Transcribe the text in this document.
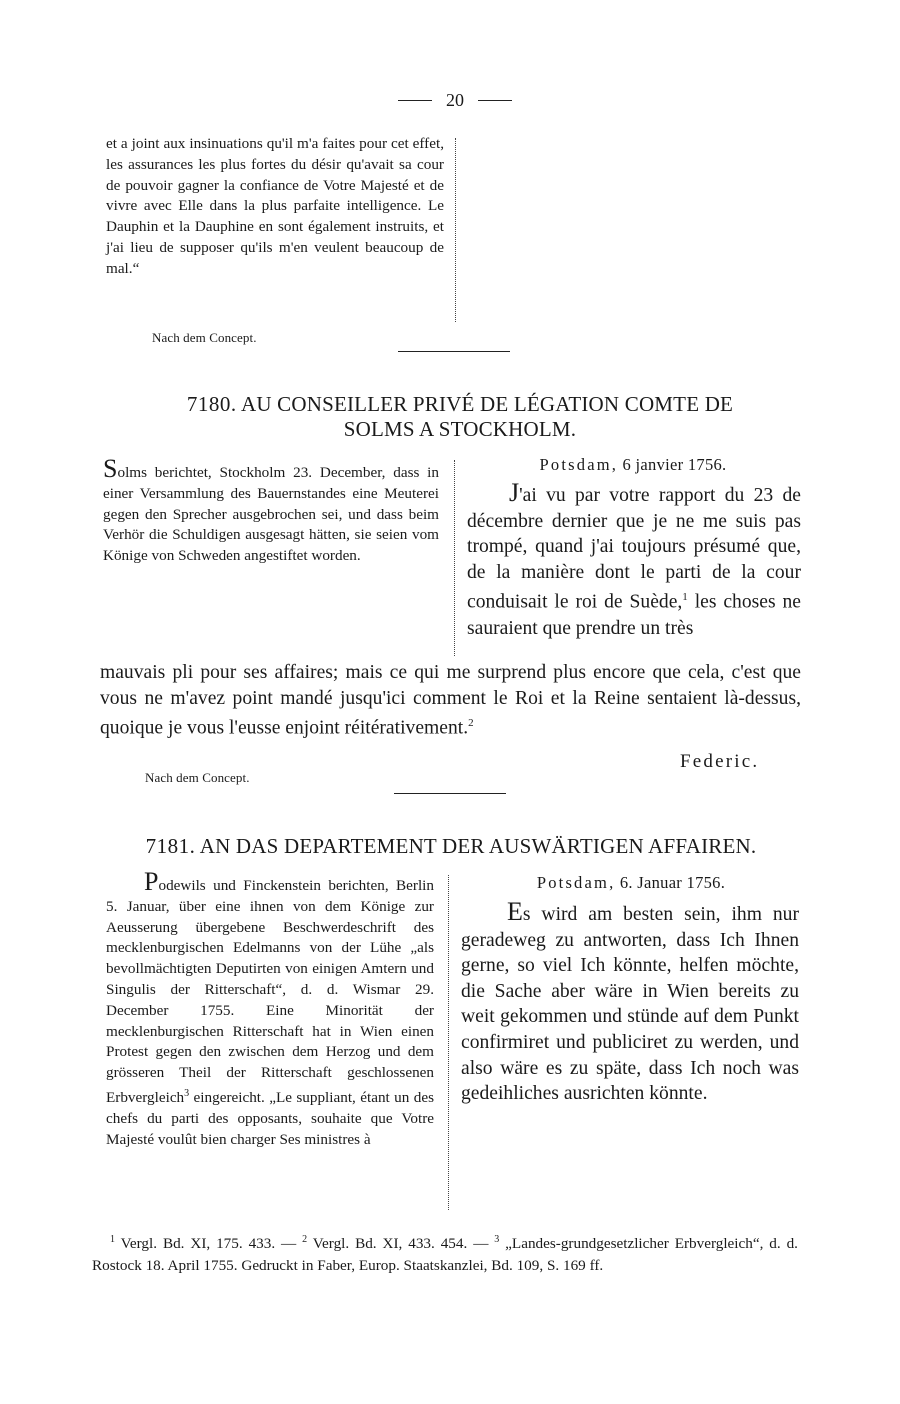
20
et a joint aux insinuations qu'il m'a faites pour cet effet, les assurances les plus fortes du désir qu'avait sa cour de pouvoir gagner la confiance de Votre Majesté et de vivre avec Elle dans la plus parfaite intelligence. Le Dauphin et la Dauphine en sont également instruits, et j'ai lieu de supposer qu'ils m'en veulent beaucoup de mal.“
Nach dem Concept.
7180. AU CONSEILLER PRIVÉ DE LÉGATION COMTE DE
SOLMS A STOCKHOLM.
Solms berichtet, Stockholm 23. December, dass in einer Versammlung des Bauernstandes eine Meuterei gegen den Sprecher ausgebrochen sei, und dass beim Verhör die Schuldigen ausgesagt hätten, sie seien vom Könige von Schweden angestiftet worden.
Potsdam, 6 janvier 1756.
J'ai vu par votre rapport du 23 de décembre dernier que je ne me suis pas trompé, quand j'ai toujours présumé que, de la manière dont le parti de la cour conduisait le roi de Suède,$^1$ les choses ne sauraient que prendre un très
mauvais pli pour ses affaires; mais ce qui me surprend plus encore que cela, c'est que vous ne m'avez point mandé jusqu'ici comment le Roi et la Reine sentaient là-dessus, quoique je vous l'eusse enjoint réitérativement.$^2$
Federic.
Nach dem Concept.
7181. AN DAS DEPARTEMENT DER AUSWÄRTIGEN AFFAIREN.
Podewils und Finckenstein berichten, Berlin 5. Januar, über eine ihnen von dem Könige zur Aeusserung übergebene Beschwerdeschrift des mecklenburgischen Edelmanns von der Lühe „als bevollmächtigten Deputirten von einigen Amtern und Singulis der Ritterschaft“, d. d. Wismar 29. December 1755. Eine Minorität der mecklenburgischen Ritterschaft hat in Wien einen Protest gegen den zwischen dem Herzog und dem grösseren Theil der Ritterschaft geschlossenen Erbvergleich$^3$ eingereicht. „Le suppliant, étant un des chefs du parti des opposants, souhaite que Votre Majesté voulût bien charger Ses ministres à
Potsdam, 6. Januar 1756.
Es wird am besten sein, ihm nur geradeweg zu antworten, dass Ich Ihnen gerne, so viel Ich könnte, helfen möchte, die Sache aber wäre in Wien bereits zu weit gekommen und stünde auf dem Punkt confirmiret und publiciret zu werden, und also wäre es zu späte, dass Ich noch was gedeihliches ausrichten könnte.
$^1$ Vergl. Bd. XI, 175. 433. — $^2$ Vergl. Bd. XI, 433. 454. — $^3$ „Landes-grundgesetzlicher Erbvergleich“, d. d. Rostock 18. April 1755. Gedruckt in Faber, Europ. Staatskanzlei, Bd. 109, S. 169 ff.
